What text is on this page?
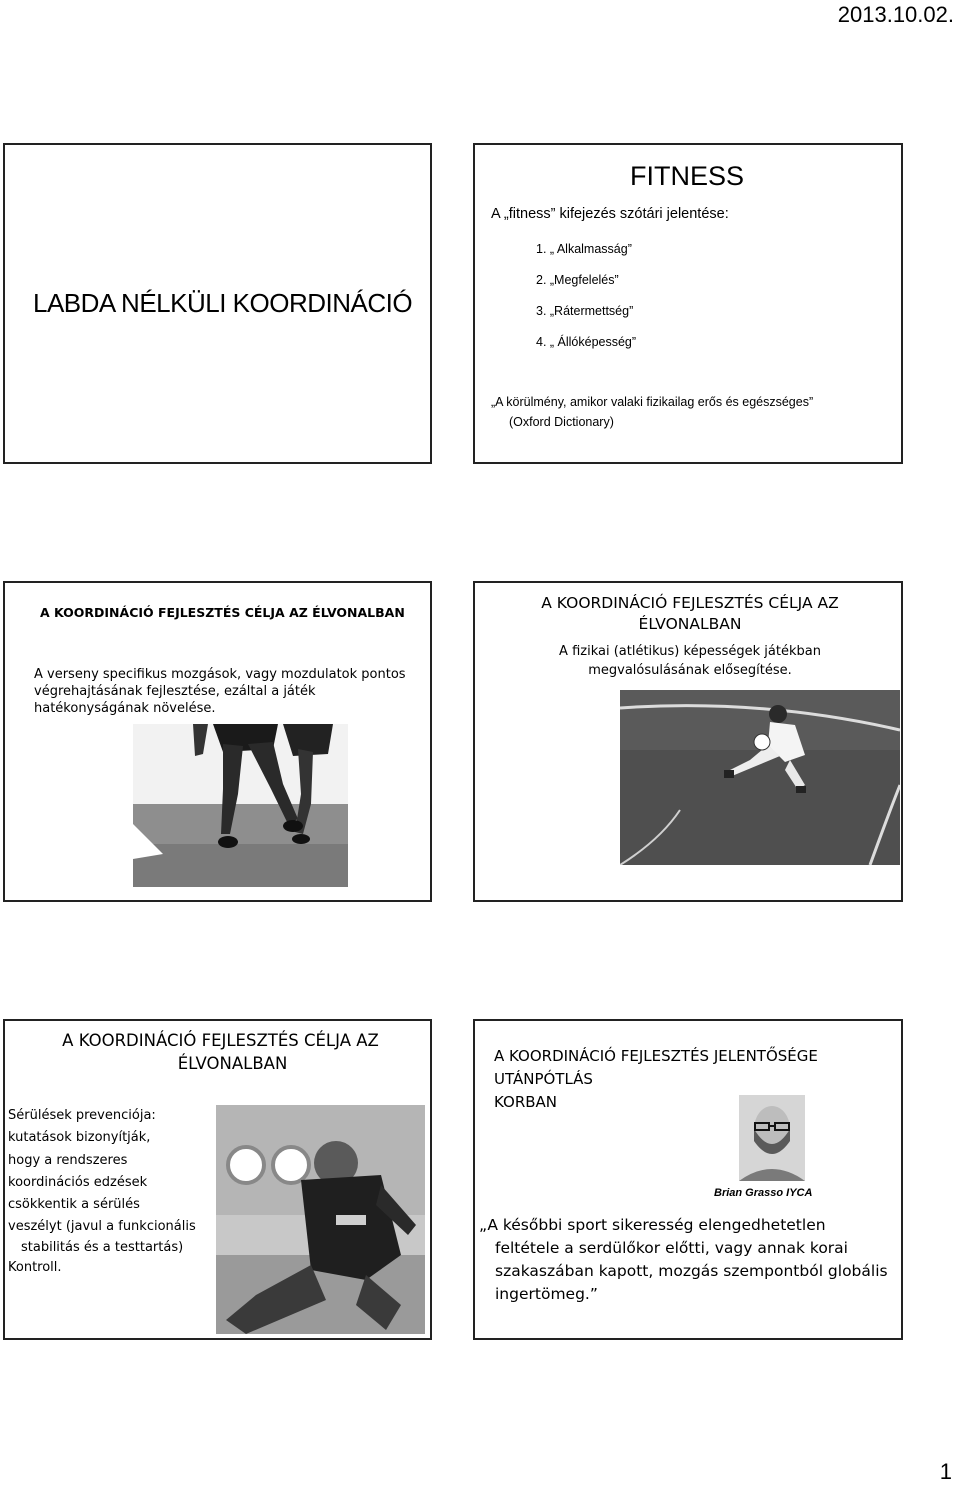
2013.10.02.
LABDA NÉLKÜLI KOORDINÁCIÓ
FITNESS
A „fitness” kifejezés szótári jelentése:
1. „ Alkalmasság”
2. „Megfelelés”
3. „Rátermettség”
4. „ Állóképesség”
„A körülmény, amikor valaki fizikailag erős és egészséges”
(Oxford Dictionary)
A KOORDINÁCIÓ FEJLESZTÉS CÉLJA AZ ÉLVONALBAN
A verseny specifikus mozgások, vagy mozdulatok pontos végrehajtásának fejlesztése, ezáltal a játék hatékonyságának növelése.
A KOORDINÁCIÓ FEJLESZTÉS CÉLJA AZ
ÉLVONALBAN
A fizikai (atlétikus) képességek játékban
megvalósulásának elősegítése.
A KOORDINÁCIÓ FEJLESZTÉS CÉLJA AZ
ÉLVONALBAN
Sérülések prevenciója:
kutatások bizonyítják,
hogy a rendszeres
koordinációs edzések
csökkentik a sérülés
veszélyt (javul a funkcionális
stabilitás és a testtartás)
Kontroll.
A KOORDINÁCIÓ FEJLESZTÉS JELENTŐSÉGE
UTÁNPÓTLÁS
KORBAN
Brian Grasso IYCA
„A későbbi sport sikeresség elengedhetetlen
feltétele a serdülőkor előtti, vagy annak korai
szakaszában kapott, mozgás szempontból globális
ingertömeg.”
1
